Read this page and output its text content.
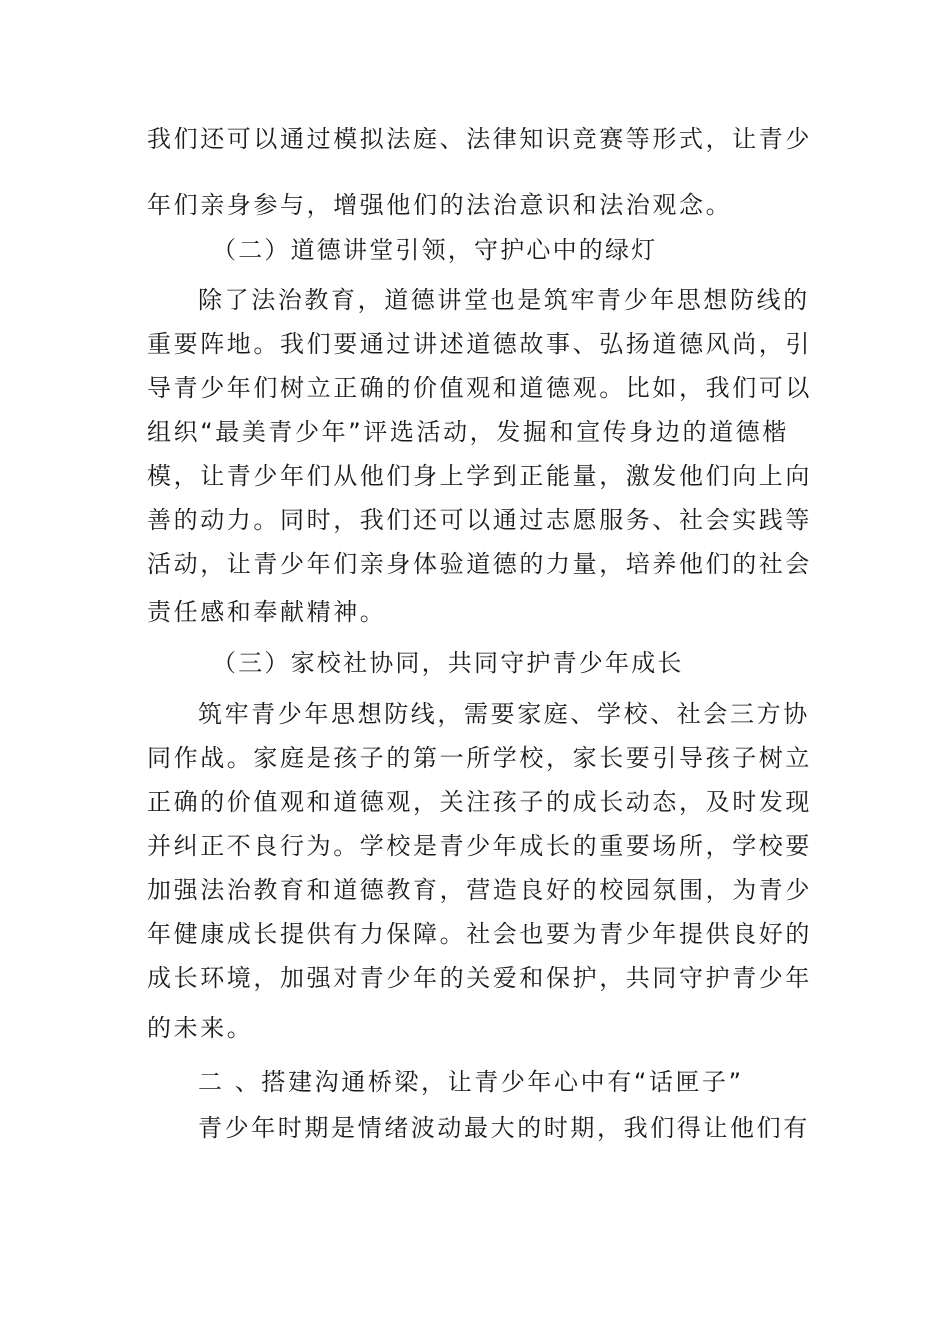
我们还可以通过模拟法庭、法律知识竞赛等形式，让青少
年们亲身参与，增强他们的法治意识和法治观念。
（二）道德讲堂引领，守护心中的绿灯
除了法治教育，道德讲堂也是筑牢青少年思想防线的
重要阵地。我们要通过讲述道德故事、弘扬道德风尚，引
导青少年们树立正确的价值观和道德观。比如，我们可以
组织“最美青少年”评选活动，发掘和宣传身边的道德楷
模，让青少年们从他们身上学到正能量，激发他们向上向
善的动力。同时，我们还可以通过志愿服务、社会实践等
活动，让青少年们亲身体验道德的力量，培养他们的社会
责任感和奉献精神。
（三）家校社协同，共同守护青少年成长
筑牢青少年思想防线，需要家庭、学校、社会三方协
同作战。家庭是孩子的第一所学校，家长要引导孩子树立
正确的价值观和道德观，关注孩子的成长动态，及时发现
并纠正不良行为。学校是青少年成长的重要场所，学校要
加强法治教育和道德教育，营造良好的校园氛围，为青少
年健康成长提供有力保障。社会也要为青少年提供良好的
成长环境，加强对青少年的关爱和保护，共同守护青少年
的未来。
二 、搭建沟通桥梁，让青少年心中有“话匣子”
青少年时期是情绪波动最大的时期，我们得让他们有
